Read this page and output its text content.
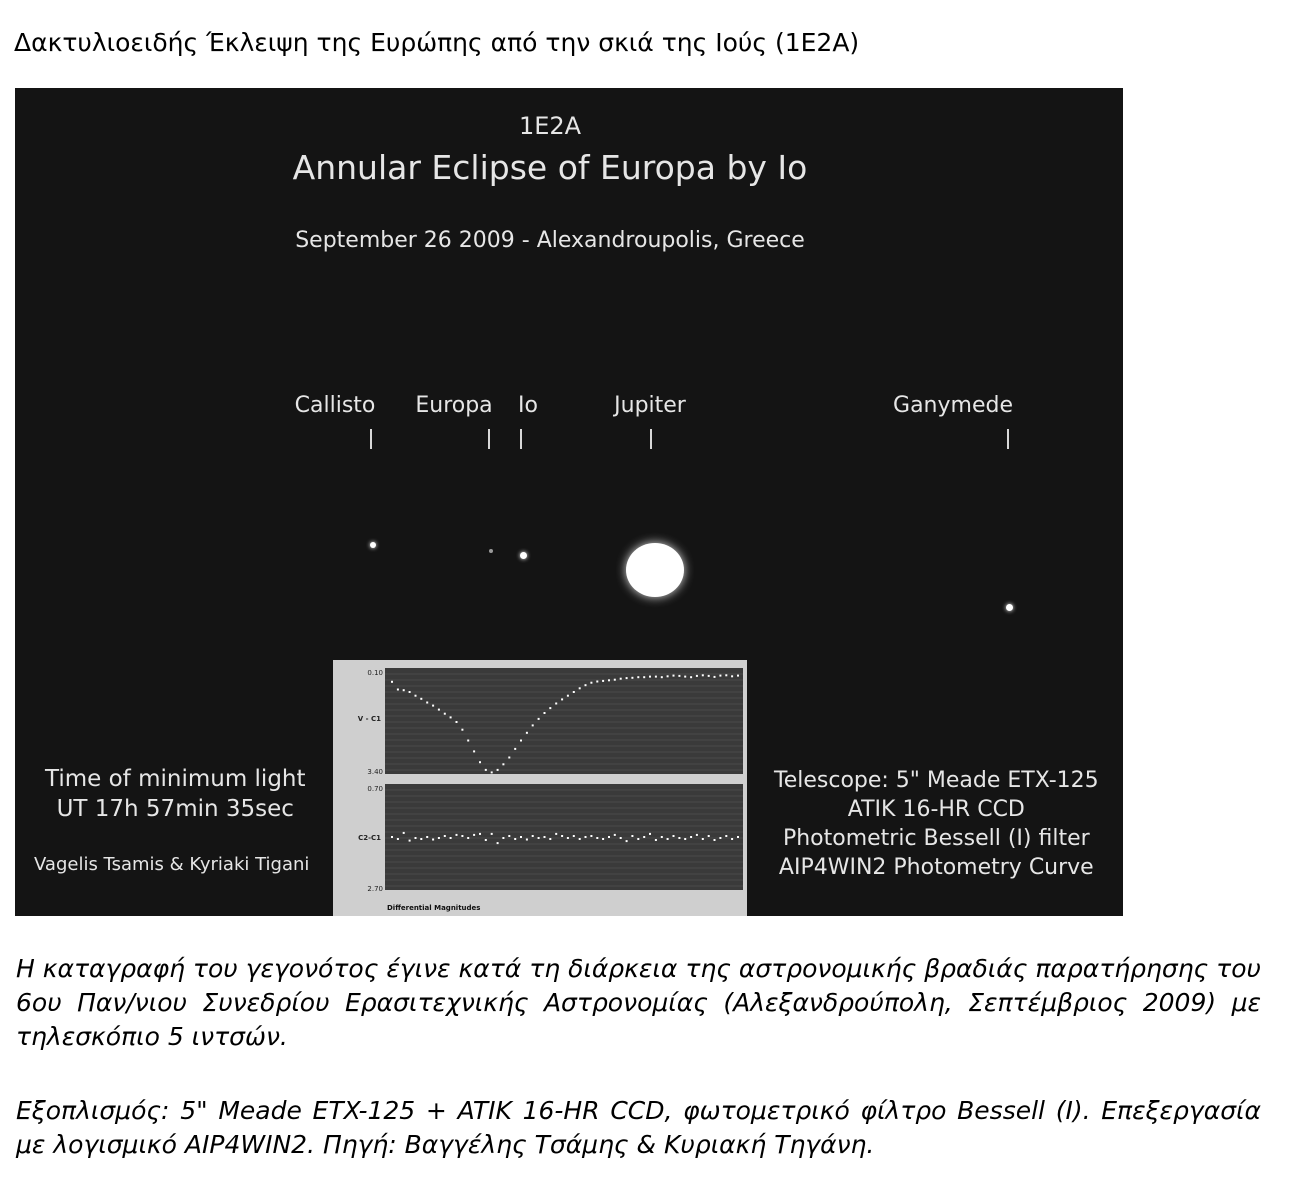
Δακτυλιοειδής Έκλειψη της Ευρώπης από την σκιά της Ιούς (1Ε2Α)
1E2A
Annular Eclipse of Europa by Io
September 26 2009 - Alexandroupolis, Greece
Callisto Europa Io	Jupiter	Ganymede
Time of minimum light
UT 17h 57min 35sec
Vagelis Tsamis & Kyriaki Tigani
Telescope: 5" Meade ETX-125
ATIK 16-HR CCD
Photometric Bessell (I) filter
AIP4WIN2 Photometry Curve
0.10
V - C1
3.40
0.70
C2-C1
2.70
Differential Magnitudes

Η καταγραφή του γεγονότος έγινε κατά τη διάρκεια της αστρονομικής βραδιάς παρατήρησης του 6ου Παν/νιου Συνεδρίου Ερασιτεχνικής Αστρονομίας (Αλεξανδρούπολη, Σεπτέμβριος 2009) με τηλεσκόπιο 5 ιντσών.

Εξοπλισμός: 5" Meade ETX-125 + ATIK 16-HR CCD, φωτομετρικό φίλτρο Bessell (I). Επεξεργασία με λογισμικό AIP4WIN2. Πηγή: Βαγγέλης Τσάμης & Κυριακή Τηγάνη.
